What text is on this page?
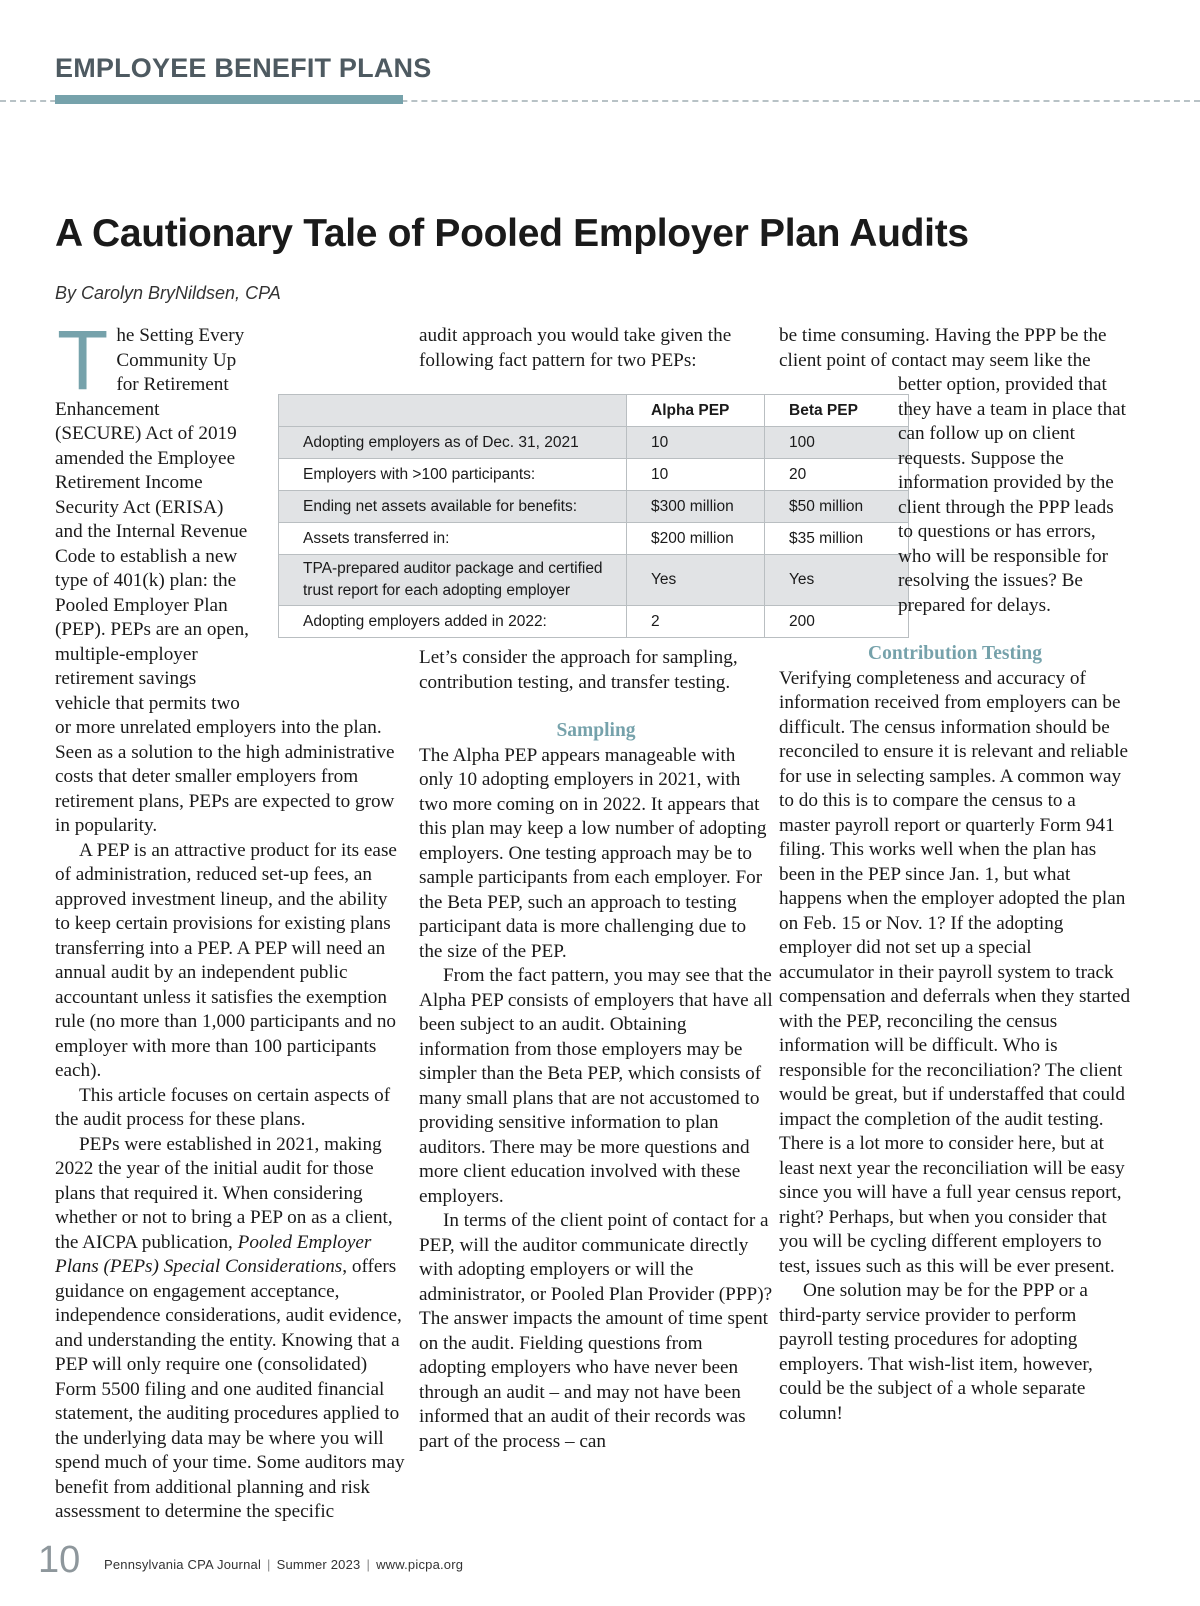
EMPLOYEE BENEFIT PLANS
A Cautionary Tale of Pooled Employer Plan Audits

By Carolyn BryNildsen, CPA

	Alpha PEP	Beta PEP
Adopting employers as of Dec. 31, 2021	10	100
Employers with >100 participants:	10	20
Ending net assets available for benefits:	$300 million	$50 million
Assets transferred in:	$200 million	$35 million
TPA-prepared auditor package and certified
trust report for each adopting employer	Yes	Yes
Adopting employers added in 2022:	2	200

10 Pennsylvania CPA Journal | Summer 2023 | www.picpa.org

The Setting Every Community Up for Retirement Enhancement (SECURE) Act of 2019 amended the Employee Retirement Income Security Act (ERISA) and the Internal Revenue Code to establish a new type of 401(k) plan: the Pooled Employer Plan (PEP). PEPs are an open, multiple-employer retirement savings vehicle that permits two or more unrelated employers into the plan. Seen as a solution to the high administrative costs that deter smaller employers from retirement plans, PEPs are expected to grow in popularity.

A PEP is an attractive product for its ease of administration, reduced set-up fees, an approved investment lineup, and the ability to keep certain provisions for existing plans transferring into a PEP. A PEP will need an annual audit by an independent public accountant unless it satisfies the exemption rule (no more than 1,000 participants and no employer with more than 100 participants each).

This article focuses on certain aspects of the audit process for these plans.

PEPs were established in 2021, making 2022 the year of the initial audit for those plans that required it. When considering whether or not to bring a PEP on as a client, the AICPA publication, Pooled Employer Plans (PEPs) Special Considerations, offers guidance on engagement acceptance, independence considerations, audit evidence, and understanding the entity. Knowing that a PEP will only require one (consolidated) Form 5500 filing and one audited financial statement, the auditing procedures applied to the underlying data may be where you will spend much of your time. Some auditors may benefit from additional planning and risk assessment to determine the specific

audit approach you would take given the following fact pattern for two PEPs:

Let’s consider the approach for sampling, contribution testing, and transfer testing.

Sampling

The Alpha PEP appears manageable with only 10 adopting employers in 2021, with two more coming on in 2022. It appears that this plan may keep a low number of adopting employers. One testing approach may be to sample participants from each employer. For the Beta PEP, such an approach to testing participant data is more challenging due to the size of the PEP.

From the fact pattern, you may see that the Alpha PEP consists of employers that have all been subject to an audit. Obtaining information from those employers may be simpler than the Beta PEP, which consists of many small plans that are not accustomed to providing sensitive information to plan auditors. There may be more questions and more client education involved with these employers.

In terms of the client point of contact for a PEP, will the auditor communicate directly with adopting employers or will the administrator, or Pooled Plan Provider (PPP)? The answer impacts the amount of time spent on the audit. Fielding questions from adopting employers who have never been through an audit – and may not have been informed that an audit of their records was part of the process – can

be time consuming. Having the PPP be the client point of contact may seem like the better option, provided that they have a team in place that can follow up on client requests. Suppose the information provided by the client through the PPP leads to questions or has errors, who will be responsible for resolving the issues? Be prepared for delays.

Contribution Testing

Verifying completeness and accuracy of information received from employers can be difficult. The census information should be reconciled to ensure it is relevant and reliable for use in selecting samples. A common way to do this is to compare the census to a master payroll report or quarterly Form 941 filing. This works well when the plan has been in the PEP since Jan. 1, but what happens when the employer adopted the plan on Feb. 15 or Nov. 1? If the adopting employer did not set up a special accumulator in their payroll system to track compensation and deferrals when they started with the PEP, reconciling the census information will be difficult. Who is responsible for the reconciliation? The client would be great, but if understaffed that could impact the completion of the audit testing. There is a lot more to consider here, but at least next year the reconciliation will be easy since you will have a full year census report, right? Perhaps, but when you consider that you will be cycling different employers to test, issues such as this will be ever present.

One solution may be for the PPP or a third-party service provider to perform payroll testing procedures for adopting employers. That wish-list item, however, could be the subject of a whole separate column!
